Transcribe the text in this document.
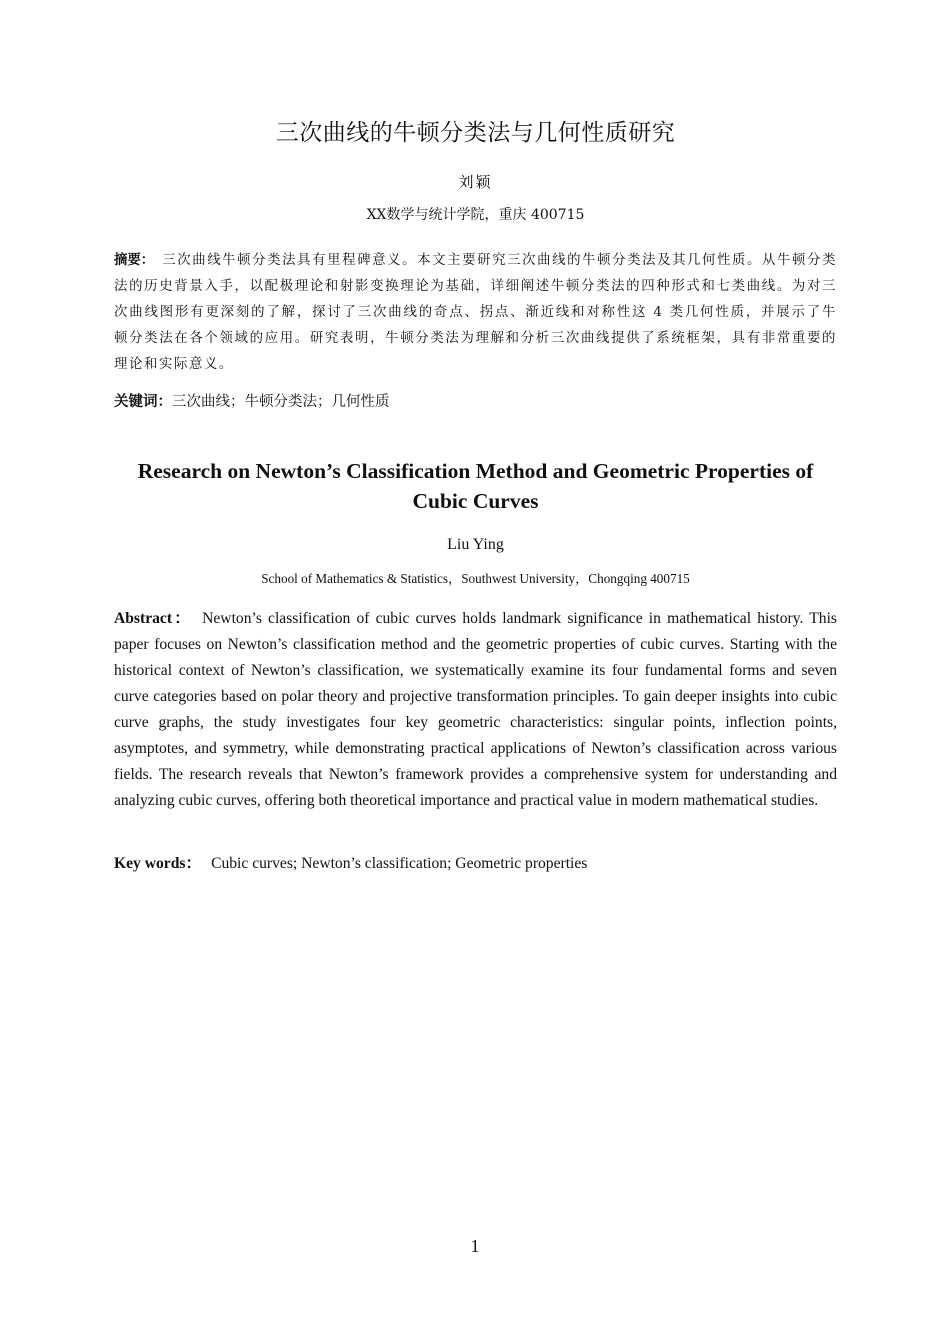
三次曲线的牛顿分类法与几何性质研究
刘颖
XX数学与统计学院，重庆 400715
摘要： 三次曲线牛顿分类法具有里程碑意义。本文主要研究三次曲线的牛顿分类法及其几何性质。从牛顿分类法的历史背景入手，以配极理论和射影变换理论为基础，详细阐述牛顿分类法的四种形式和七类曲线。为对三次曲线图形有更深刻的了解，探讨了三次曲线的奇点、拐点、渐近线和对称性这 4 类几何性质，并展示了牛顿分类法在各个领域的应用。研究表明，牛顿分类法为理解和分析三次曲线提供了系统框架，具有非常重要的理论和实际意义。
关键词：三次曲线；牛顿分类法；几何性质
Research on Newton’s Classification Method and Geometric Properties of Cubic Curves
Liu Ying
School of Mathematics & Statistics，Southwest University，Chongqing 400715
Abstract： Newton’s classification of cubic curves holds landmark significance in mathematical history. This paper focuses on Newton’s classification method and the geometric properties of cubic curves. Starting with the historical context of Newton’s classification, we systematically examine its four fundamental forms and seven curve categories based on polar theory and projective transformation principles. To gain deeper insights into cubic curve graphs, the study investigates four key geometric characteristics: singular points, inflection points, asymptotes, and symmetry, while demonstrating practical applications of Newton’s classification across various fields. The research reveals that Newton’s framework provides a comprehensive system for understanding and analyzing cubic curves, offering both theoretical importance and practical value in modern mathematical studies.
Key words： Cubic curves; Newton’s classification; Geometric properties
1
